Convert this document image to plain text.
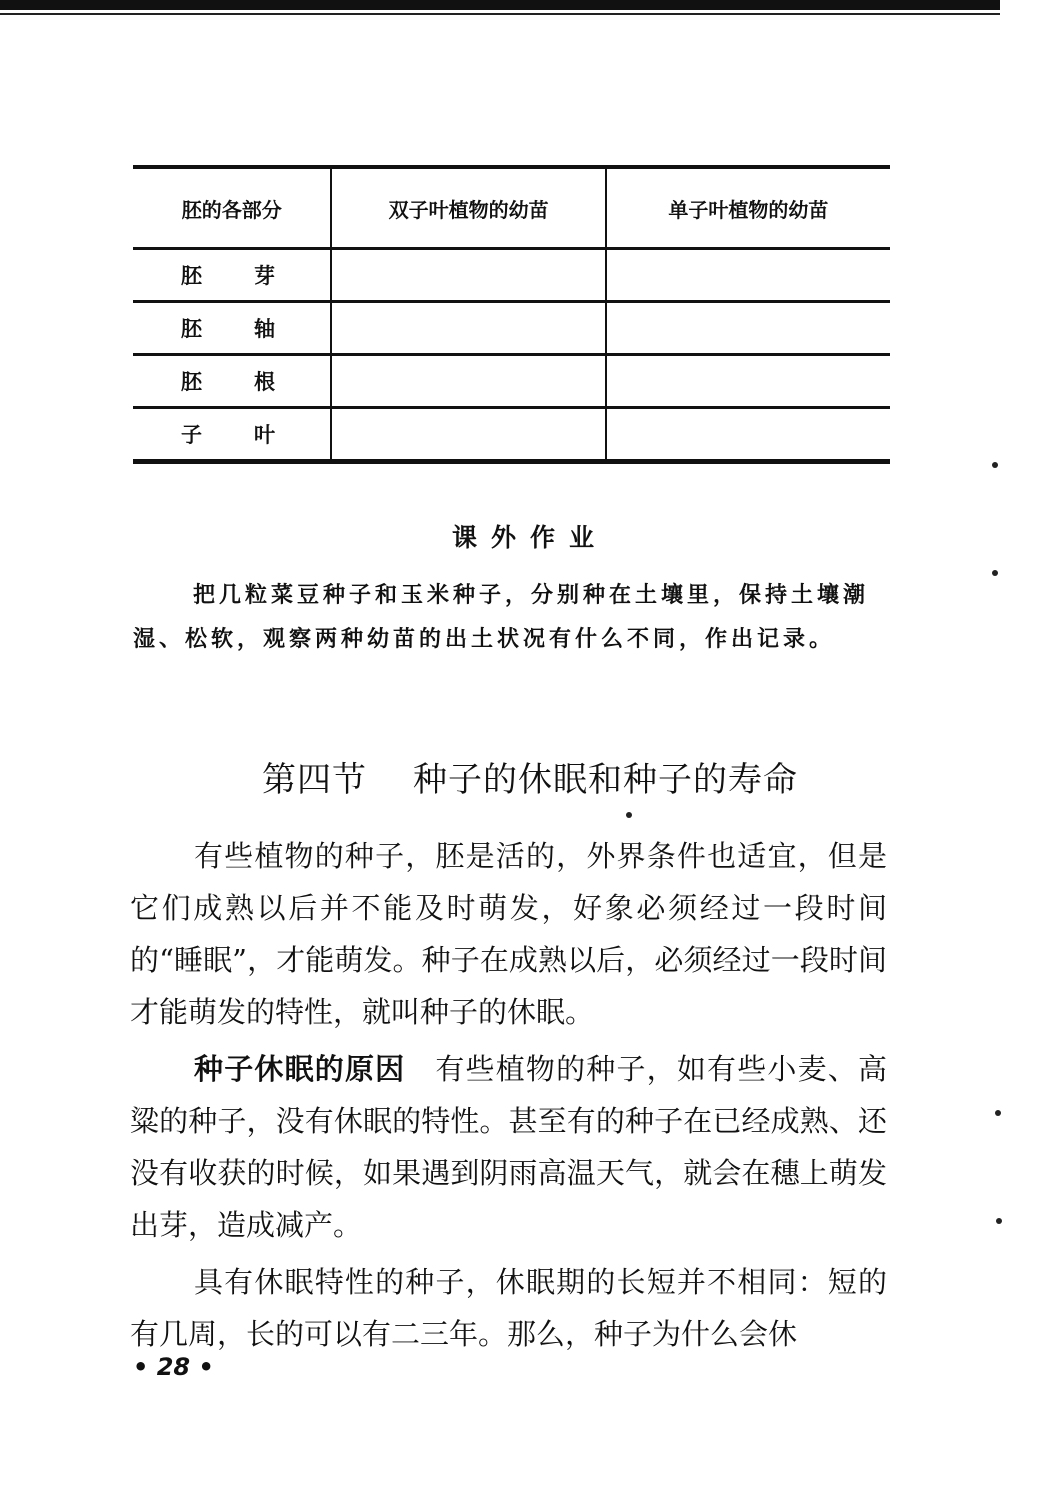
胚的各部分	双子叶植物的幼苗	单子叶植物的幼苗

胚芽		
胚轴		
胚根		
子叶		
课外作业

把几粒菜豆种子和玉米种子，分别种在土壤里，保持土壤潮湿、松软，观察两种幼苗的出土状况有什么不同，作出记录。

第四节 种子的休眠和种子的寿命

有些植物的种子，胚是活的，外界条件也适宜，但是它们成熟以后并不能及时萌发，好象必须经过一段时间的“睡眠”，才能萌发。种子在成熟以后，必须经过一段时间才能萌发的特性，就叫种子的休眠。

种子休眠的原因 有些植物的种子，如有些小麦、高粱的种子，没有休眠的特性。甚至有的种子在已经成熟、还没有收获的时候，如果遇到阴雨高温天气，就会在穗上萌发出芽，造成减产。

具有休眠特性的种子，休眠期的长短并不相同：短的有几周，长的可以有二三年。那么，种子为什么会休

• 28 •
